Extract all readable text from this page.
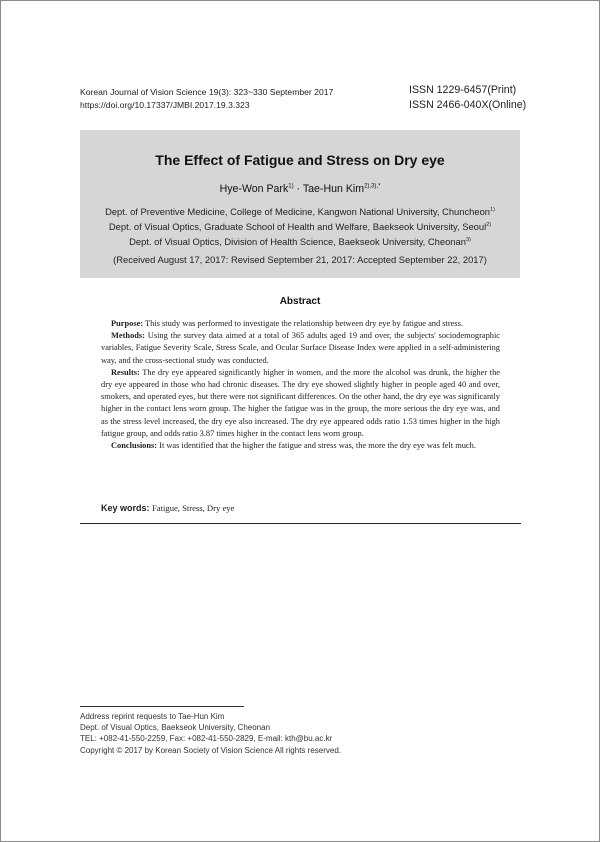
Korean Journal of Vision Science 19(3): 323~330 September 2017
https://doi.org/10.17337/JMBI.2017.19.3.323
ISSN 1229-6457(Print)
ISSN 2466-040X(Online)
The Effect of Fatigue and Stress on Dry eye
Hye-Won Park$^{1)}$ · Tae-Hun Kim$^{2),3),*}$
Dept. of Preventive Medicine, College of Medicine, Kangwon National University, Chuncheon$^{1)}$
Dept. of Visual Optics, Graduate School of Health and Welfare, Baekseok University, Seoul$^{2)}$
Dept. of Visual Optics, Division of Health Science, Baekseok University, Cheonan$^{3)}$
(Received August 17, 2017: Revised September 21, 2017: Accepted September 22, 2017)
Abstract

Purpose: This study was performed to investigate the relationship between dry eye by fatigue and stress.

Methods: Using the survey data aimed at a total of 365 adults aged 19 and over, the subjects' sociodemographic variables, Fatigue Severity Scale, Stress Scale, and Ocular Surface Disease Index were applied in a self-administering way, and the cross-sectional study was conducted.

Results: The dry eye appeared significantly higher in women, and the more the alcohol was drunk, the higher the dry eye appeared in those who had chronic diseases. The dry eye showed slightly higher in people aged 40 and over, smokers, and operated eyes, but there were not significant differences. On the other hand, the dry eye was significantly higher in the contact lens worn group. The higher the fatigue was in the group, the more serious the dry eye was, and as the stress level increased, the dry eye also increased. The dry eye appeared odds ratio 1.53 times higher in the high fatigue group, and odds ratio 3.87 times higher in the contact lens worn group.

Conclusions: It was identified that the higher the fatigue and stress was, the more the dry eye was felt much.

Key words: Fatigue, Stress, Dry eye
Address reprint requests to Tae-Hun Kim
Dept. of Visual Optics, Baekseok University, Cheonan
TEL: +082-41-550-2259, Fax: +082-41-550-2829, E-mail: kth@bu.ac.kr
Copyright © 2017 by Korean Society of Vision Science All rights reserved.
